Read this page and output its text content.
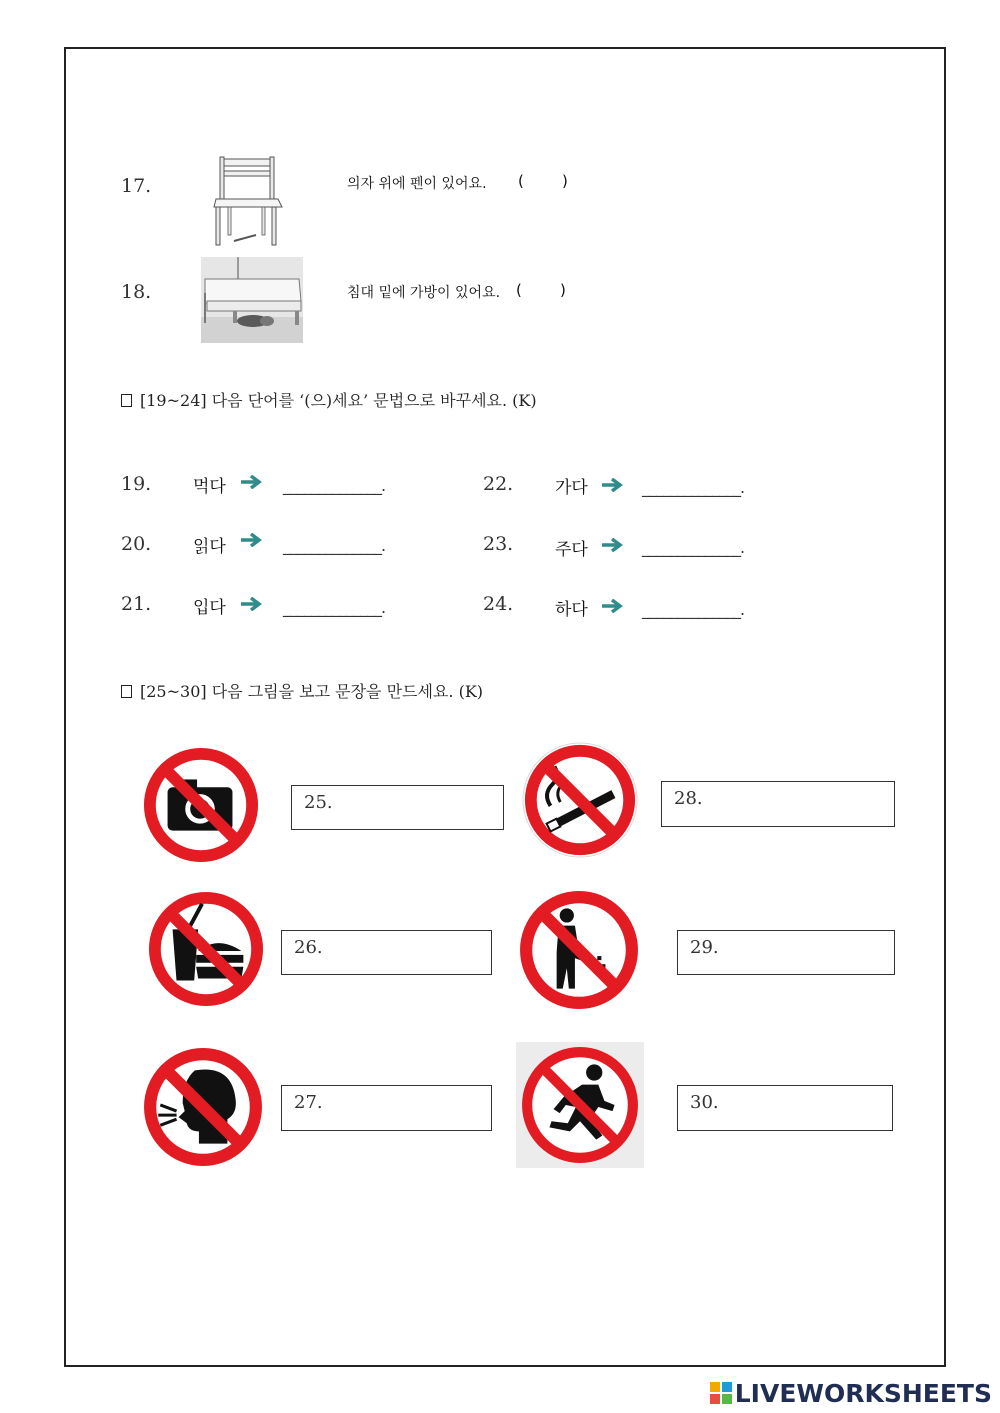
17.	의자 위에 펜이 있어요. (        )
18.	침대 밑에 가방이 있어요. (        )
[19~24] 다음 단어를 ‘(으)세요’ 문법으로 바꾸세요. (K)
19. 먹다	______________.
20. 읽다	______________.
21. 입다	______________.
22. 가다	______________.
23. 주다	______________.
24. 하다	______________.
[25~30] 다음 그림을 보고 문장을 만드세요. (K)
25.
26.
27.
28.
29.
30.
LIVEWORKSHEETS
